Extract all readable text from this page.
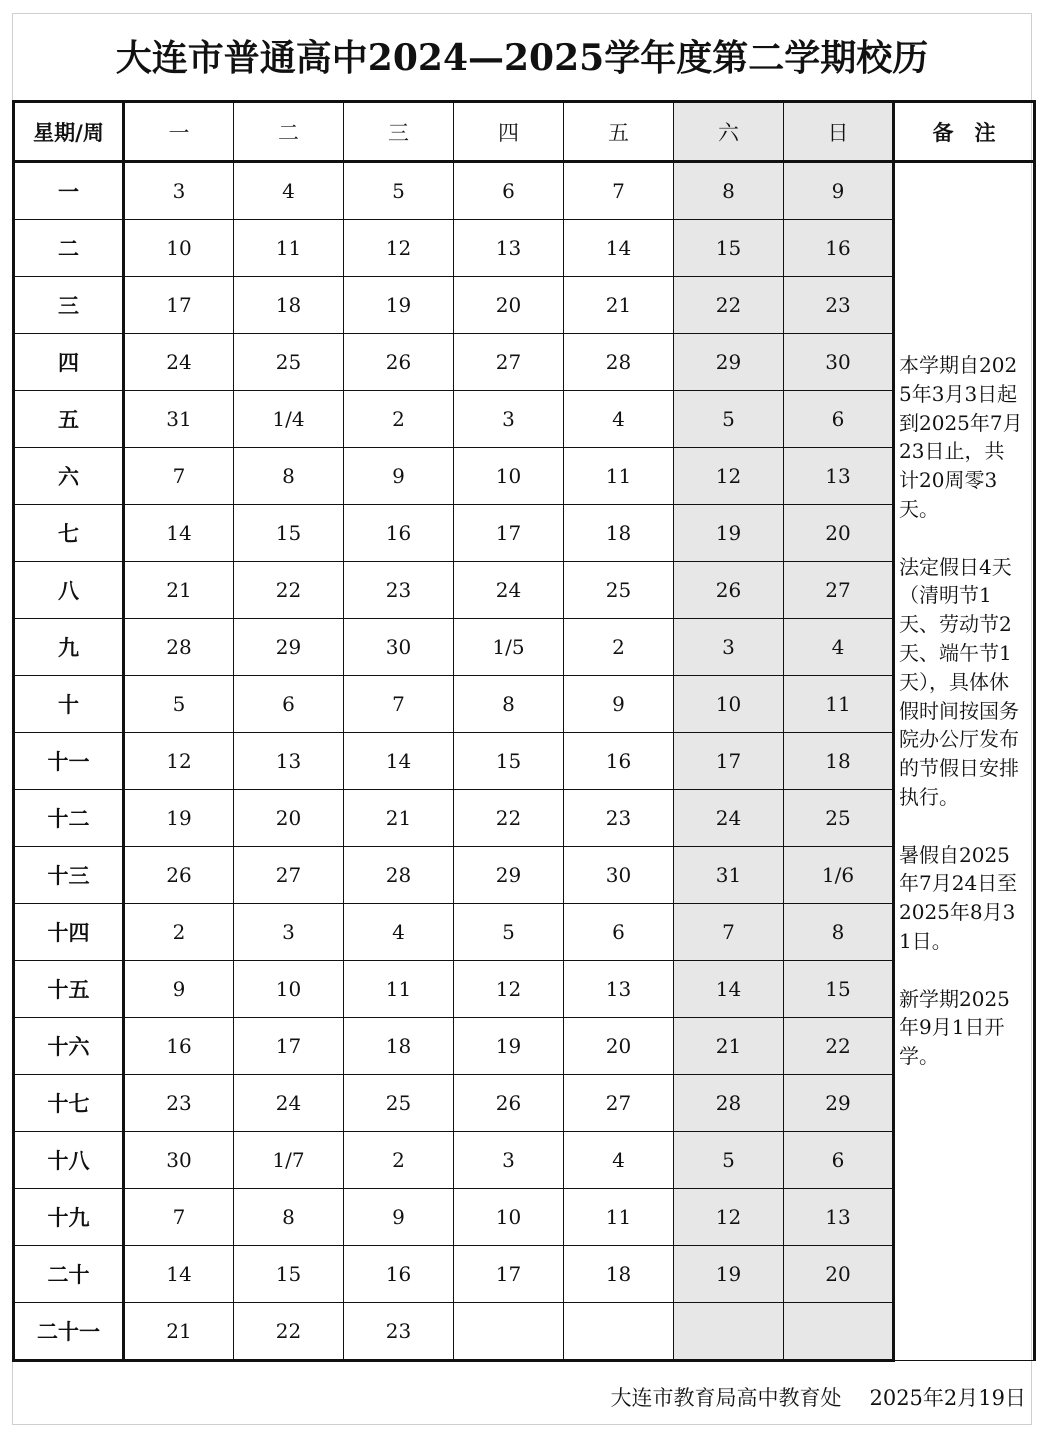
大连市普通高中2024—2025学年度第二学期校历
星期/周	一	二	三	四	五	六	日	备　注
一	3	4	5	6	7	8	9	本学期自2025年3月3日起到2025年7月23日止，共计20周零3天。
法定假日4天（清明节1天、劳动节2天、端午节1天），具体休假时间按国务院办公厅发布的节假日安排执行。
暑假自2025年7月24日至2025年8月31日。
新学期2025年9月1日开学。

二	10	11	12	13	14	15	16	
三	17	18	19	20	21	22	23	
四	24	25	26	27	28	29	30	
五	31	1/4	2	3	4	5	6	
六	7	8	9	10	11	12	13	
七	14	15	16	17	18	19	20	
八	21	22	23	24	25	26	27	
九	28	29	30	1/5	2	3	4	
十	5	6	7	8	9	10	11	
十一	12	13	14	15	16	17	18	
十二	19	20	21	22	23	24	25	
十三	26	27	28	29	30	31	1/6	
十四	2	3	4	5	6	7	8	
十五	9	10	11	12	13	14	15	
十六	16	17	18	19	20	21	22	
十七	23	24	25	26	27	28	29	
十八	30	1/7	2	3	4	5	6	
十九	7	8	9	10	11	12	13	
二十	14	15	16	17	18	19	20	
二十一	21	22	23					
大连市教育局高中教育处 2025年2月19日
